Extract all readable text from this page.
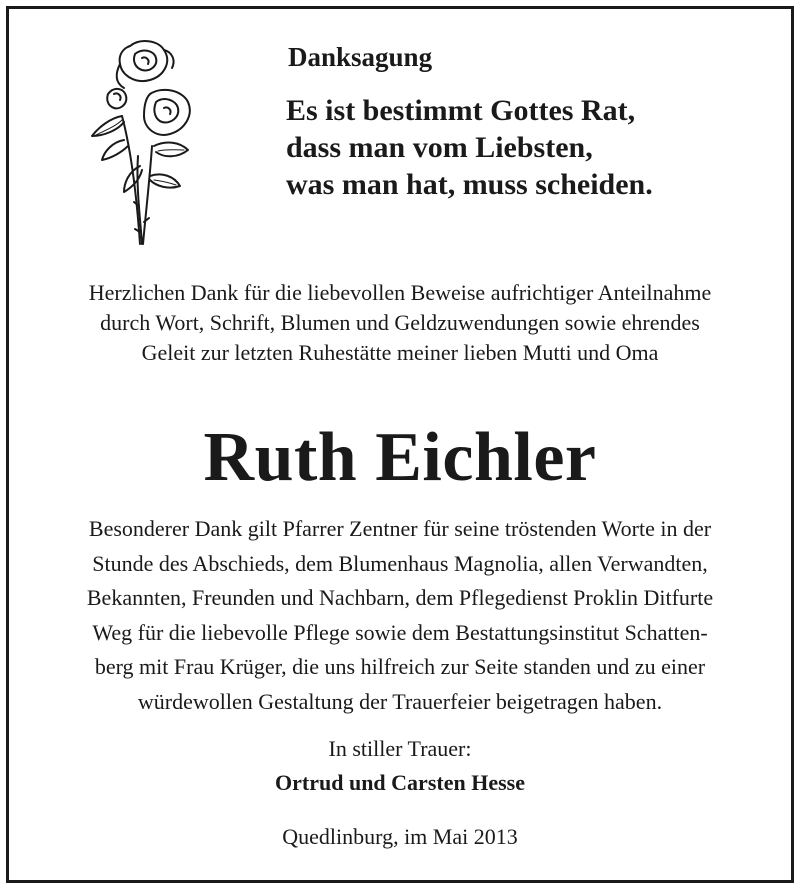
Danksagung

Es ist bestimmt Gottes Rat,
dass man vom Liebsten,
was man hat, muss scheiden.

Herzlichen Dank für die liebevollen Beweise aufrichtiger Anteilnahme
durch Wort, Schrift, Blumen und Geldzuwendungen sowie ehrendes
Geleit zur letzten Ruhestätte meiner lieben Mutti und Oma

Ruth Eichler

Besonderer Dank gilt Pfarrer Zentner für seine tröstenden Worte in der
Stunde des Abschieds, dem Blumenhaus Magnolia, allen Verwandten,
Bekannten, Freunden und Nachbarn, dem Pflegedienst Proklin Ditfurte
Weg für die liebevolle Pflege sowie dem Bestattungsinstitut Schatten-
berg mit Frau Krüger, die uns hilfreich zur Seite standen und zu einer
würdewollen Gestaltung der Trauerfeier beigetragen haben.

In stiller Trauer:

Ortrud und Carsten Hesse

Quedlinburg, im Mai 2013
